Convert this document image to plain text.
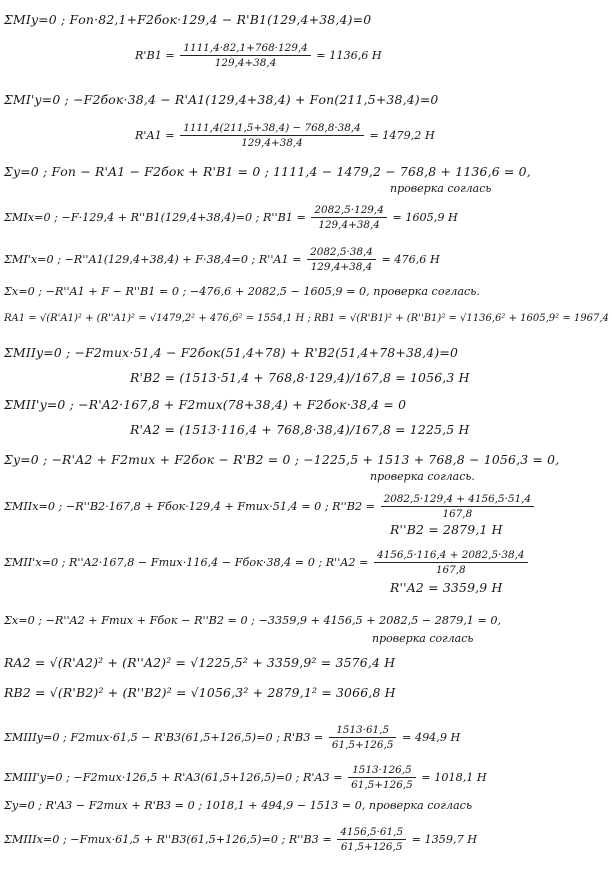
ΣMIy=0 ; Fоп·82,1+F2бок·129,4 − R'B1(129,4+38,4)=0
$R'B1 = \frac{1111,4\cdot 82,1+768\cdot 129,4}{129,4+38,4} = 1136,6$ H
ΣMI'y=0 ; −F2бок·38,4 − R'A1(129,4+38,4) + Fоп(211,5+38,4)=0
$R'A1 = \frac{1111,4(211,5+38,4) - 768,8\cdot 38,4}{129,4+38,4} = 1479,2$ H
Σy=0 ; Fоп − R'A1 − F2бок + R'B1 = 0 ; 1111,4 − 1479,2 − 768,8 + 1136,6 = 0,
проверка соглась
ΣMIx=0 ; −F·129,4 + R''B1(129,4+38,4)=0 ; $R''B1 = \frac{2082,5\cdot 129,4}{129,4+38,4} = 1605,9$ H
ΣMI'x=0 ; −R''A1(129,4+38,4) + F·38,4=0 ; $R''A1 = \frac{2082,5\cdot 38,4}{129,4+38,4} = 476,6$ H
Σx=0 ; −R''A1 + F − R''B1 = 0 ; −476,6 + 2082,5 − 1605,9 = 0, проверка соглась.
RA1 = √(R'A1)² + (R''A1)² = √1479,2² + 476,6² = 1554,1 H ; RB1 = √(R'B1)² + (R''B1)² = √1136,6² + 1605,9² = 1967,4
ΣMIIy=0 ; −F2тих·51,4 − F2бок(51,4+78) + R'B2(51,4+78+38,4)=0
R'B2 = (1513·51,4 + 768,8·129,4)/167,8 = 1056,3 H
ΣMII'y=0 ; −R'A2·167,8 + F2тих(78+38,4) + F2бок·38,4 = 0
R'A2 = (1513·116,4 + 768,8·38,4)/167,8 = 1225,5 H
Σy=0 ; −R'A2 + F2тих + F2бок − R'B2 = 0 ; −1225,5 + 1513 + 768,8 − 1056,3 = 0,
проверка соглась.
ΣMIIx=0 ; −R''B2·167,8 + Fбок·129,4 + Fтих·51,4 = 0 ; $R''B2 = \frac{2082,5\cdot 129,4 + 4156,5\cdot 51,4}{167,8}$
R''B2 = 2879,1 H
ΣMII'x=0 ; R''A2·167,8 − Fтих·116,4 − Fбок·38,4 = 0 ; $R''A2 = \frac{4156,5\cdot 116,4 + 2082,5\cdot 38,4}{167,8}$
R''A2 = 3359,9 H
Σx=0 ; −R''A2 + Fтих + Fбок − R''B2 = 0 ; −3359,9 + 4156,5 + 2082,5 − 2879,1 = 0,
проверка соглась
RA2 = √(R'A2)² + (R''A2)² = √1225,5² + 3359,9² = 3576,4 H
RB2 = √(R'B2)² + (R''B2)² = √1056,3² + 2879,1² = 3066,8 H
ΣMIIIy=0 ; F2тих·61,5 − R'B3(61,5+126,5)=0 ; $R'B3 = \frac{1513\cdot 61,5}{61,5+126,5} = 494,9$ H
ΣMIII'y=0 ; −F2тих·126,5 + R'A3(61,5+126,5)=0 ; $R'A3 = \frac{1513\cdot 126,5}{61,5+126,5} = 1018,1$ H
Σy=0 ; R'A3 − F2тих + R'B3 = 0 ; 1018,1 + 494,9 − 1513 = 0, проверка соглась
ΣMIIIx=0 ; −Fтих·61,5 + R''B3(61,5+126,5)=0 ; $R''B3 = \frac{4156,5\cdot 61,5}{61,5+126,5} = 1359,7$ H
